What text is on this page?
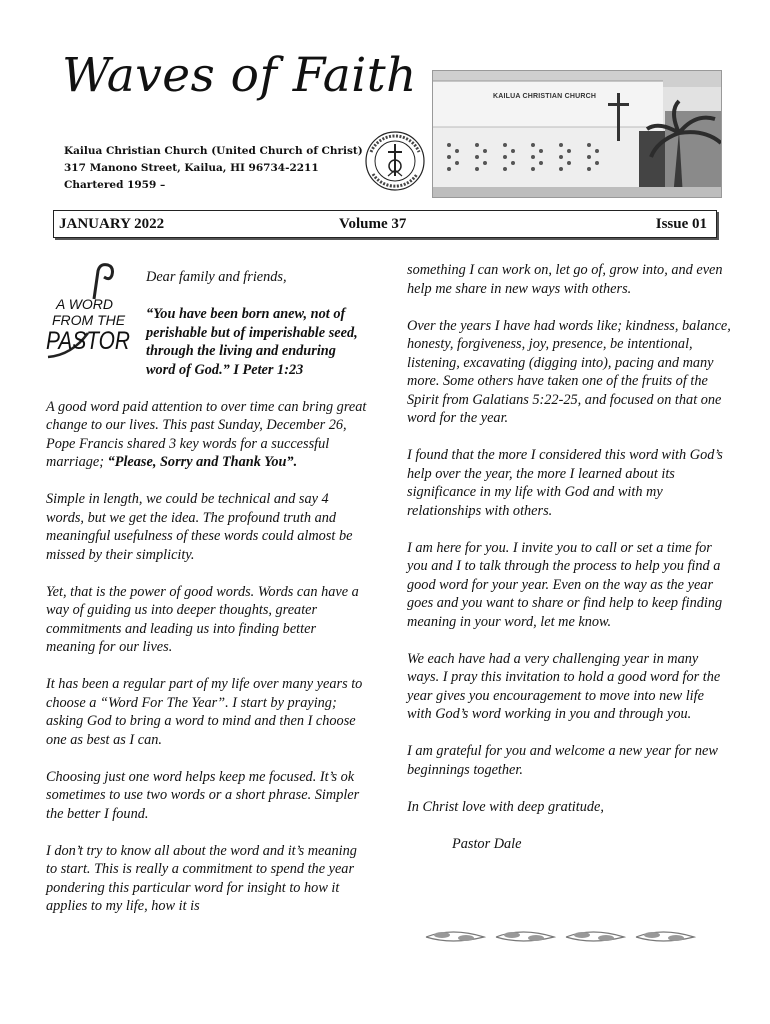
Waves of Faith
Kailua Christian Church (United Church of Christ)
317 Manono Street, Kailua, HI 96734-2211
Chartered 1959 –
KAILUA CHRISTIAN CHURCH
JANUARY 2022	Volume 37	Issue 01
A WORD
FROM THE
PASTOR

Dear family and friends,

“You have been born anew, not of perishable but of imperishable seed, through the living and enduring word of God.” I Peter 1:23

A good word paid attention to over time can bring great change to our lives. This past Sunday, December 26, Pope Francis shared 3 key words for a successful marriage; “Please, Sorry and Thank You”.

Simple in length, we could be technical and say 4 words, but we get the idea. The profound truth and meaningful usefulness of these words could almost be missed by their simplicity.

Yet, that is the power of good words. Words can have a way of guiding us into deeper thoughts, greater commitments and leading us into finding better meaning for our lives.

It has been a regular part of my life over many years to choose a “Word For The Year”. I start by praying; asking God to bring a word to mind and then I choose one as best as I can.

Choosing just one word helps keep me focused. It’s ok sometimes to use two words or a short phrase. Simpler the better I found.

I don’t try to know all about the word and it’s meaning to start. This is really a commitment to spend the year pondering this particular word for insight to how it applies to my life, how it is

something I can work on, let go of, grow into, and even help me share in new ways with others.

Over the years I have had words like; kindness, balance, honesty, forgiveness, joy, presence, be intentional, listening, excavating (digging into), pacing and many more. Some others have taken one of the fruits of the Spirit from Galatians 5:22-25, and focused on that one word for the year.

I found that the more I considered this word with God’s help over the year, the more I learned about its significance in my life with God and with my relationships with others.

I am here for you. I invite you to call or set a time for you and I to talk through the process to help you find a good word for your year. Even on the way as the year goes and you want to share or find help to keep finding meaning in your word, let me know.

We each have had a very challenging year in many ways. I pray this invitation to hold a good word for the year gives you encouragement to move into new life with God’s word working in you and through you.

I am grateful for you and welcome a new year for new beginnings together.

In Christ love with deep gratitude,

Pastor Dale
